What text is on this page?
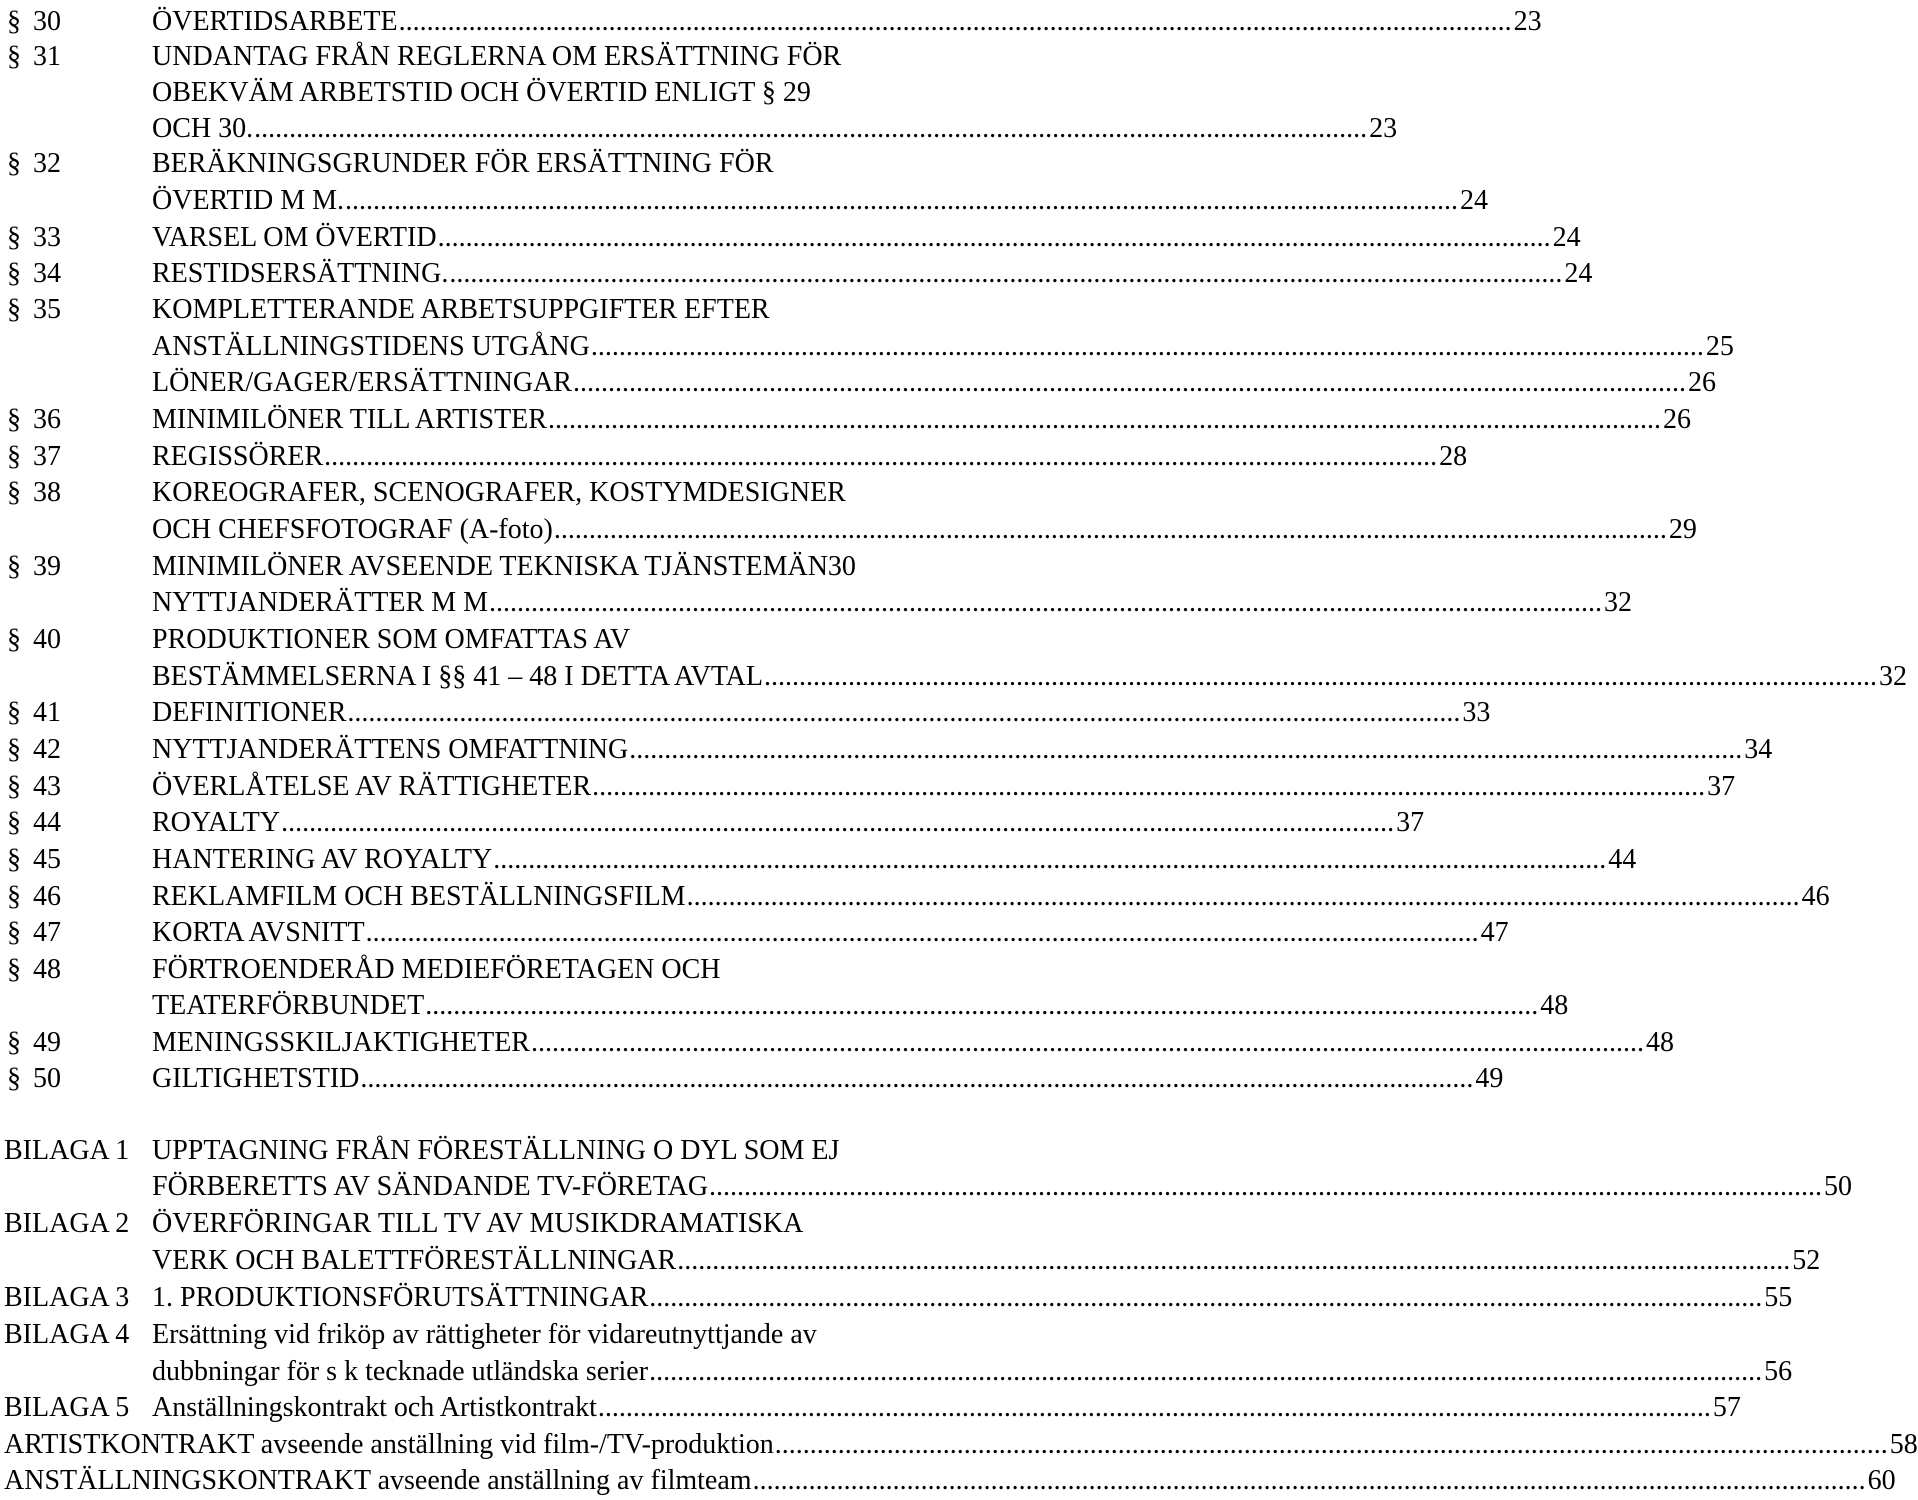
§ 30	ÖVERTIDSARBETE ............................................................................................................................................................... 23
§ 31	UNDANTAG FRÅN REGLERNA OM ERSÄTTNING FÖR
OBEKVÄM ARBETSTID OCH ÖVERTID ENLIGT § 29
OCH 30. ............................................................................................................................................................... 23
§ 32	BERÄKNINGSGRUNDER FÖR ERSÄTTNING FÖR
ÖVERTID M M. ............................................................................................................................................................... 24
§ 33	VARSEL OM ÖVERTID ............................................................................................................................................................... 24
§ 34	RESTIDSERSÄTTNING. ............................................................................................................................................................... 24
§ 35	KOMPLETTERANDE ARBETSUPPGIFTER EFTER
ANSTÄLLNINGSTIDENS UTGÅNG ............................................................................................................................................................... 25
LÖNER/GAGER/ERSÄTTNINGAR ............................................................................................................................................................... 26
§ 36	MINIMILÖNER TILL ARTISTER ............................................................................................................................................................... 26
§ 37	REGISSÖRER ............................................................................................................................................................... 28
§ 38	KOREOGRAFER, SCENOGRAFER, KOSTYMDESIGNER
OCH CHEFSFOTOGRAF (A-foto) ............................................................................................................................................................... 29
§ 39	MINIMILÖNER AVSEENDE TEKNISKA TJÄNSTEMÄN30
NYTTJANDERÄTTER M M ............................................................................................................................................................... 32
§ 40	PRODUKTIONER SOM OMFATTAS AV
BESTÄMMELSERNA I §§ 41 – 48 I DETTA AVTAL ............................................................................................................................................................... 32
§ 41	DEFINITIONER ............................................................................................................................................................... 33
§ 42	NYTTJANDERÄTTENS OMFATTNING ............................................................................................................................................................... 34
§ 43	ÖVERLÅTELSE AV RÄTTIGHETER ............................................................................................................................................................... 37
§ 44	ROYALTY ............................................................................................................................................................... 37
§ 45	HANTERING AV ROYALTY ............................................................................................................................................................... 44
§ 46	REKLAMFILM OCH BESTÄLLNINGSFILM ............................................................................................................................................................... 46
§ 47	KORTA AVSNITT ............................................................................................................................................................... 47
§ 48	FÖRTROENDERÅD MEDIEFÖRETAGEN OCH
TEATERFÖRBUNDET ............................................................................................................................................................... 48
§ 49	MENINGSSKILJAKTIGHETER ............................................................................................................................................................... 48
§ 50	GILTIGHETSTID ............................................................................................................................................................... 49
BILAGA 1 UPPTAGNING FRÅN FÖRESTÄLLNING O DYL SOM EJ
FÖRBERETTS AV SÄNDANDE TV-FÖRETAG ............................................................................................................................................................... 50
BILAGA 2 ÖVERFÖRINGAR TILL TV AV MUSIKDRAMATISKA
VERK OCH BALETTFÖRESTÄLLNINGAR ............................................................................................................................................................... 52
BILAGA 3 1. PRODUKTIONSFÖRUTSÄTTNINGAR ............................................................................................................................................................... 55
BILAGA 4 Ersättning vid friköp av rättigheter för vidareutnyttjande av
dubbningar för s k tecknade utländska serier ............................................................................................................................................................... 56
BILAGA 5 Anställningskontrakt och Artistkontrakt ............................................................................................................................................................... 57
ARTISTKONTRAKT avseende anställning vid film-/TV-produktion ............................................................................................................................................................... 58
ANSTÄLLNINGSKONTRAKT avseende anställning av filmteam ............................................................................................................................................................... 60
